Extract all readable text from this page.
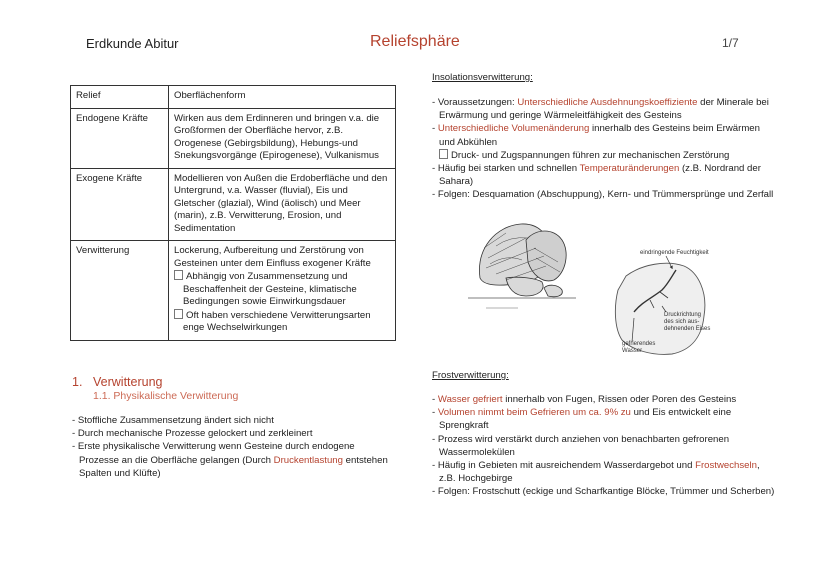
Erdkunde Abitur	Reliefsphäre	1/7
Relief	Oberflächenform
Endogene Kräfte	Wirken aus dem Erdinneren und bringen v.a. die Großformen der Oberfläche hervor, z.B. Orogenese (Gebirgsbildung), Hebungs-und Snekungsvorgänge (Epirogenese), Vulkanismus
Exogene Kräfte	Modellieren von Außen die Erdoberfläche und den Untergrund, v.a. Wasser (fluvial), Eis und Gletscher (glazial), Wind (äolisch) und Meer (marin), z.B. Verwitterung, Erosion, und Sedimentation
Verwitterung	Lockerung, Aufbereitung und Zerstörung von Gesteinen unter dem Einfluss exogener Kräfte
Abhängig von Zusammensetzung und Beschaffenheit der Gesteine, klimatische Bedingungen sowie Einwirkungsdauer
Oft haben verschiedene Verwitterungsarten enge Wechselwirkungen
1. Verwitterung
1.1. Physikalische Verwitterung
- Stoffliche Zusammensetzung ändert sich nicht
- Durch mechanische Prozesse gelockert und zerkleinert
- Erste physikalische Verwitterung wenn Gesteine durch endogene Prozesse an die Oberfläche gelangen (Durch Druckentlastung entstehen Spalten und Klüfte)
Insolationsverwitterung:
- Voraussetzungen: Unterschiedliche Ausdehnungskoeffiziente der Minerale bei Erwärmung und geringe Wärmeleitfähigkeit des Gesteins
- Unterschiedliche Volumenänderung innerhalb des Gesteins beim Erwärmen und Abkühlen
Druck- und Zugspannungen führen zur mechanischen Zerstörung
- Häufig bei starken und schnellen Temperaturänderungen (z.B. Nordrand der Sahara)
- Folgen: Desquamation (Abschuppung), Kern- und Trümmersprünge und Zerfall
eindringende Feuchtigkeit
Druckrichtung
des sich aus-
dehnenden Eises
gefrierendes
Wasser
Frostverwitterung:
- Wasser gefriert innerhalb von Fugen, Rissen oder Poren des Gesteins
- Volumen nimmt beim Gefrieren um ca. 9% zu und Eis entwickelt eine Sprengkraft
- Prozess wird verstärkt durch anziehen von benachbarten gefrorenen Wassermolekülen
- Häufig in Gebieten mit ausreichendem Wasserdargebot und Frostwechseln, z.B. Hochgebirge
- Folgen: Frostschutt (eckige und Scharfkantige Blöcke, Trümmer und Scherben)
